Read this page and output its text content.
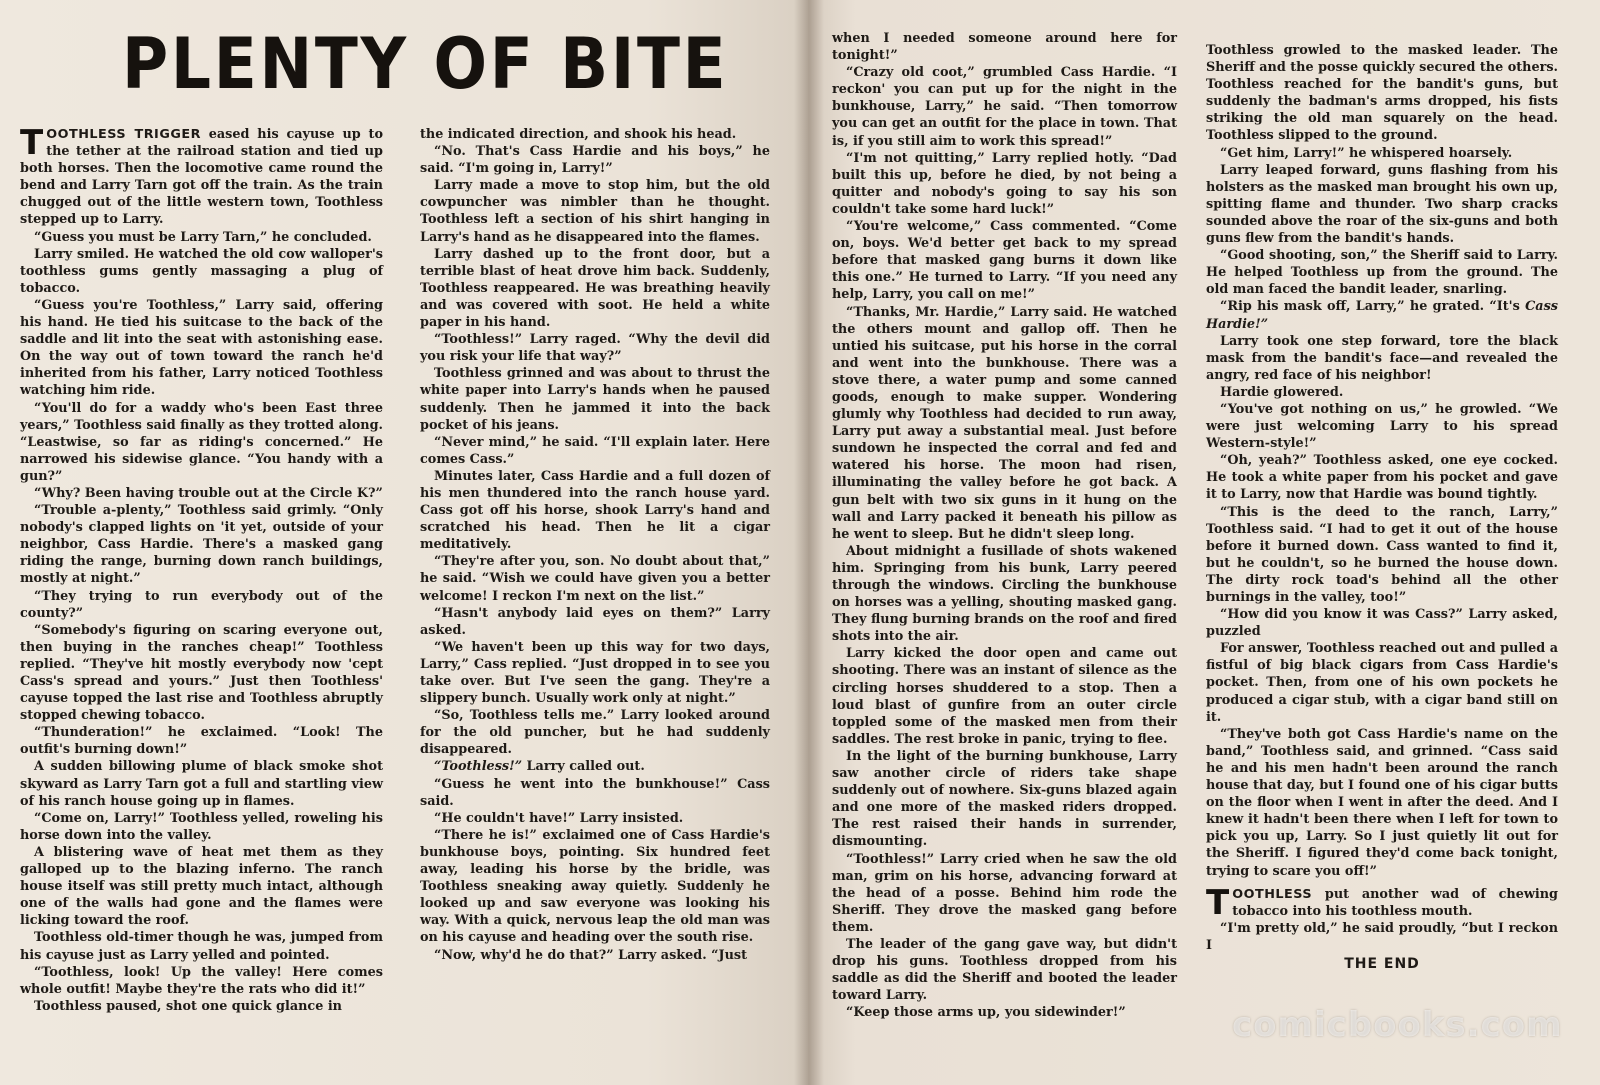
PLENTY OF BITE

TOOTHLESS TRIGGER eased his cayuse up to the tether at the railroad station and tied up both horses. Then the locomotive came round the bend and Larry Tarn got off the train. As the train chugged out of the little western town, Toothless stepped up to Larry.

“Guess you must be Larry Tarn,” he concluded.

Larry smiled. He watched the old cow walloper's toothless gums gently massaging a plug of tobacco.

“Guess you're Toothless,” Larry said, offering his hand. He tied his suitcase to the back of the saddle and lit into the seat with astonishing ease. On the way out of town toward the ranch he'd inherited from his father, Larry noticed Toothless watching him ride.

“You'll do for a waddy who's been East three years,” Toothless said finally as they trotted along. “Leastwise, so far as riding's concerned.” He narrowed his sidewise glance. “You handy with a gun?”

“Why? Been having trouble out at the Circle K?”

“Trouble a-plenty,” Toothless said grimly. “Only nobody's clapped lights on 'it yet, outside of your neighbor, Cass Hardie. There's a masked gang riding the range, burning down ranch buildings, mostly at night.”

“They trying to run everybody out of the county?”

“Somebody's figuring on scaring everyone out, then buying in the ranches cheap!” Toothless replied. “They've hit mostly everybody now 'cept Cass's spread and yours.” Just then Toothless' cayuse topped the last rise and Toothless abruptly stopped chewing tobacco.

“Thunderation!” he exclaimed. “Look! The outfit's burning down!”

A sudden billowing plume of black smoke shot skyward as Larry Tarn got a full and startling view of his ranch house going up in flames.

“Come on, Larry!” Toothless yelled, roweling his horse down into the valley.

A blistering wave of heat met them as they galloped up to the blazing inferno. The ranch house itself was still pretty much intact, although one of the walls had gone and the flames were licking toward the roof.

Toothless old-timer though he was, jumped from his cayuse just as Larry yelled and pointed.

“Toothless, look! Up the valley! Here comes whole outfit! Maybe they're the rats who did it!”

Toothless paused, shot one quick glance in

the indicated direction, and shook his head.

“No. That's Cass Hardie and his boys,” he said. “I'm going in, Larry!”

Larry made a move to stop him, but the old cowpuncher was nimbler than he thought. Toothless left a section of his shirt hanging in Larry's hand as he disappeared into the flames.

Larry dashed up to the front door, but a terrible blast of heat drove him back. Suddenly, Toothless reappeared. He was breathing heavily and was covered with soot. He held a white paper in his hand.

“Toothless!” Larry raged. “Why the devil did you risk your life that way?”

Toothless grinned and was about to thrust the white paper into Larry's hands when he paused suddenly. Then he jammed it into the back pocket of his jeans.

“Never mind,” he said. “I'll explain later. Here comes Cass.”

Minutes later, Cass Hardie and a full dozen of his men thundered into the ranch house yard. Cass got off his horse, shook Larry's hand and scratched his head. Then he lit a cigar meditatively.

“They're after you, son. No doubt about that,” he said. “Wish we could have given you a better welcome! I reckon I'm next on the list.”

“Hasn't anybody laid eyes on them?” Larry asked.

“We haven't been up this way for two days, Larry,” Cass replied. “Just dropped in to see you take over. But I've seen the gang. They're a slippery bunch. Usually work only at night.”

“So, Toothless tells me.” Larry looked around for the old puncher, but he had suddenly disappeared.

“Toothless!” Larry called out.

“Guess he went into the bunkhouse!” Cass said.

“He couldn't have!” Larry insisted.

“There he is!” exclaimed one of Cass Hardie's bunkhouse boys, pointing. Six hundred feet away, leading his horse by the bridle, was Toothless sneaking away quietly. Suddenly he looked up and saw everyone was looking his way. With a quick, nervous leap the old man was on his cayuse and heading over the south rise.

“Now, why'd he do that?” Larry asked. “Just

when I needed someone around here for tonight!”

“Crazy old coot,” grumbled Cass Hardie. “I reckon' you can put up for the night in the bunkhouse, Larry,” he said. “Then tomorrow you can get an outfit for the place in town. That is, if you still aim to work this spread!”

“I'm not quitting,” Larry replied hotly. “Dad built this up, before he died, by not being a quitter and nobody's going to say his son couldn't take some hard luck!”

“You're welcome,” Cass commented. “Come on, boys. We'd better get back to my spread before that masked gang burns it down like this one.” He turned to Larry. “If you need any help, Larry, you call on me!”

“Thanks, Mr. Hardie,” Larry said. He watched the others mount and gallop off. Then he untied his suitcase, put his horse in the corral and went into the bunkhouse. There was a stove there, a water pump and some canned goods, enough to make supper. Wondering glumly why Toothless had decided to run away, Larry put away a substantial meal. Just before sundown he inspected the corral and fed and watered his horse. The moon had risen, illuminating the valley before he got back. A gun belt with two six guns in it hung on the wall and Larry packed it beneath his pillow as he went to sleep. But he didn't sleep long.

About midnight a fusillade of shots wakened him. Springing from his bunk, Larry peered through the windows. Circling the bunkhouse on horses was a yelling, shouting masked gang. They flung burning brands on the roof and fired shots into the air.

Larry kicked the door open and came out shooting. There was an instant of silence as the circling horses shuddered to a stop. Then a loud blast of gunfire from an outer circle toppled some of the masked men from their saddles. The rest broke in panic, trying to flee.

In the light of the burning bunkhouse, Larry saw another circle of riders take shape suddenly out of nowhere. Six-guns blazed again and one more of the masked riders dropped. The rest raised their hands in surrender, dismounting.

“Toothless!” Larry cried when he saw the old man, grim on his horse, advancing forward at the head of a posse. Behind him rode the Sheriff. They drove the masked gang before them.

The leader of the gang gave way, but didn't drop his guns. Toothless dropped from his saddle as did the Sheriff and booted the leader toward Larry.

“Keep those arms up, you sidewinder!”

Toothless growled to the masked leader. The Sheriff and the posse quickly secured the others. Toothless reached for the bandit's guns, but suddenly the badman's arms dropped, his fists striking the old man squarely on the head. Toothless slipped to the ground.

“Get him, Larry!” he whispered hoarsely.

Larry leaped forward, guns flashing from his holsters as the masked man brought his own up, spitting flame and thunder. Two sharp cracks sounded above the roar of the six-guns and both guns flew from the bandit's hands.

“Good shooting, son,” the Sheriff said to Larry. He helped Toothless up from the ground. The old man faced the bandit leader, snarling.

“Rip his mask off, Larry,” he grated. “It's Cass Hardie!”

Larry took one step forward, tore the black mask from the bandit's face—and revealed the angry, red face of his neighbor!

Hardie glowered.

“You've got nothing on us,” he growled. “We were just welcoming Larry to his spread Western-style!”

“Oh, yeah?” Toothless asked, one eye cocked. He took a white paper from his pocket and gave it to Larry, now that Hardie was bound tightly.

“This is the deed to the ranch, Larry,” Toothless said. “I had to get it out of the house before it burned down. Cass wanted to find it, but he couldn't, so he burned the house down. The dirty rock toad's behind all the other burnings in the valley, too!”

“How did you know it was Cass?” Larry asked, puzzled

For answer, Toothless reached out and pulled a fistful of big black cigars from Cass Hardie's pocket. Then, from one of his own pockets he produced a cigar stub, with a cigar band still on it.

“They've both got Cass Hardie's name on the band,” Toothless said, and grinned. “Cass said he and his men hadn't been around the ranch house that day, but I found one of his cigar butts on the floor when I went in after the deed. And I knew it hadn't been there when I left for town to pick you up, Larry. So I just quietly lit out for the Sheriff. I figured they'd come back tonight, trying to scare you off!”

TOOTHLESS put another wad of chewing tobacco into his toothless mouth.

“I'm pretty old,” he said proudly, “but I reckon I

THE END
comicbooks.com
